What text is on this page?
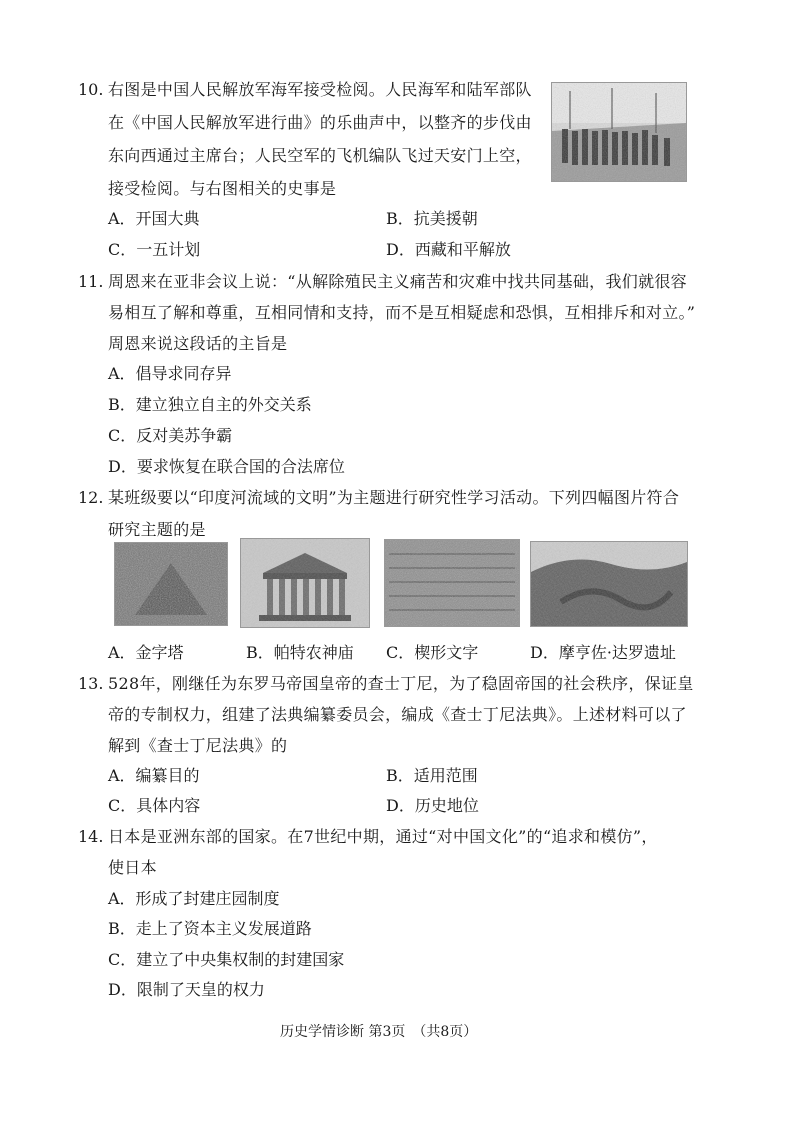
10. 右图是中国人民解放军海军接受检阅。人民海军和陆军部队
在《中国人民解放军进行曲》的乐曲声中，以整齐的步伐由
东向西通过主席台；人民空军的飞机编队飞过天安门上空，
接受检阅。与右图相关的史事是
A．开国大典	B．抗美援朝
C．一五计划	D．西藏和平解放
11. 周恩来在亚非会议上说：“从解除殖民主义痛苦和灾难中找共同基础，我们就很容
易相互了解和尊重，互相同情和支持，而不是互相疑虑和恐惧，互相排斥和对立。”
周恩来说这段话的主旨是
A．倡导求同存异
B．建立独立自主的外交关系
C．反对美苏争霸
D．要求恢复在联合国的合法席位
12. 某班级要以“印度河流域的文明”为主题进行研究性学习活动。下列四幅图片符合
研究主题的是
A．金字塔	B．帕特农神庙 C．楔形文字	D．摩亨佐·达罗遗址
13. 528年，刚继任为东罗马帝国皇帝的查士丁尼，为了稳固帝国的社会秩序，保证皇
帝的专制权力，组建了法典编纂委员会，编成《查士丁尼法典》。上述材料可以了
解到《查士丁尼法典》的
A．编纂目的	B．适用范围
C．具体内容	D．历史地位
14. 日本是亚洲东部的国家。在7世纪中期，通过“对中国文化”的“追求和模仿”，
使日本
A．形成了封建庄园制度
B．走上了资本主义发展道路
C．建立了中央集权制的封建国家
D．限制了天皇的权力
历史学情诊断 第3页　（共8页）
